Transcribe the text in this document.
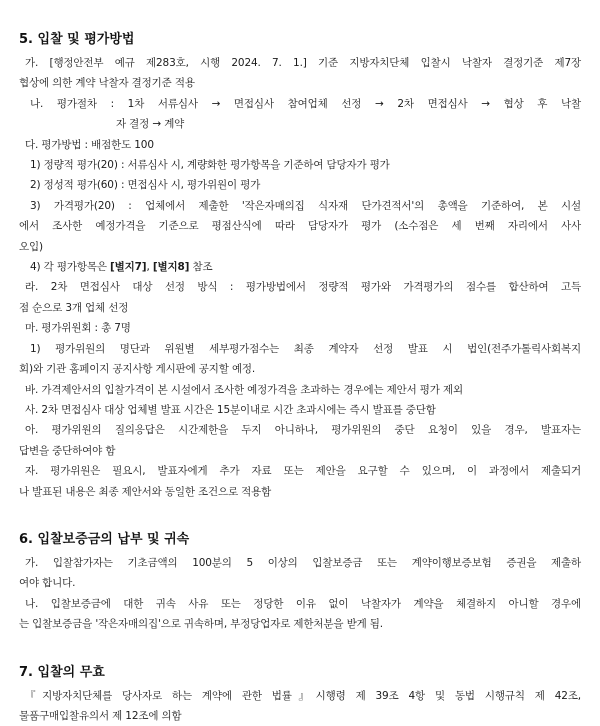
5. 입찰 및 평가방법

가. [행정안전부 예규 제283호, 시행 2024. 7. 1.] 기준 지방자치단체 입찰시 낙찰자 결정기준 제7장

협상에 의한 계약 낙찰자 결정기준 적용

나. 평가절차 : 1차 서류심사 → 면접심사 참여업체 선정 → 2차 면접심사 → 협상 후 낙찰

자 결정 → 계약

다. 평가방법 : 배점한도 100

1) 정량적 평가(20) : 서류심사 시, 계량화한 평가항목을 기준하여 담당자가 평가

2) 정성적 평가(60) : 면접심사 시, 평가위원이 평가

3) 가격평가(20) : 업체에서 제출한 '작은자매의집 식자재 단가견적서'의 총액을 기준하여, 본 시설

에서 조사한 예정가격을 기준으로 평점산식에 따라 담당자가 평가 (소수점은 세 번째 자리에서 사사

오입)

4) 각 평가항목은 [별지7], [별지8] 참조

라. 2차 면접심사 대상 선정 방식 : 평가방법에서 정량적 평가와 가격평가의 점수를 합산하여 고득

점 순으로 3개 업체 선정

마. 평가위원회 : 총 7명

1) 평가위원의 명단과 위원별 세부평가점수는 최종 계약자 선정 발표 시 법인(전주가톨릭사회복지

회)와 기관 홈페이지 공지사항 게시판에 공지할 예정.

바. 가격제안서의 입찰가격이 본 시설에서 조사한 예정가격을 초과하는 경우에는 제안서 평가 제외

사. 2차 면접심사 대상 업체별 발표 시간은 15분이내로 시간 초과시에는 즉시 발표를 중단함

아. 평가위원의 질의응답은 시간제한을 두지 아니하나, 평가위원의 중단 요청이 있을 경우, 발표자는

답변을 중단하여야 함

자. 평가위원은 필요시, 발표자에게 추가 자료 또는 제안을 요구할 수 있으며, 이 과정에서 제출되거

나 발표된 내용은 최종 제안서와 동일한 조건으로 적용함

6. 입찰보증금의 납부 및 귀속

가. 입찰참가자는 기초금액의 100분의 5 이상의 입찰보증금 또는 계약이행보증보험 증권을 제출하

여야 합니다.

나. 입찰보증금에 대한 귀속 사유 또는 정당한 이유 없이 낙찰자가 계약을 체결하지 아니할 경우에

는 입찰보증금을 '작은자매의집'으로 귀속하며, 부정당업자로 제한처분을 받게 됨.

7. 입찰의 무효

『지방자치단체를 당사자로 하는 계약에 관한 법률』시행령 제 39조 4항 및 동법 시행규칙 제 42조,

물품구매입찰유의서 제 12조에 의함
